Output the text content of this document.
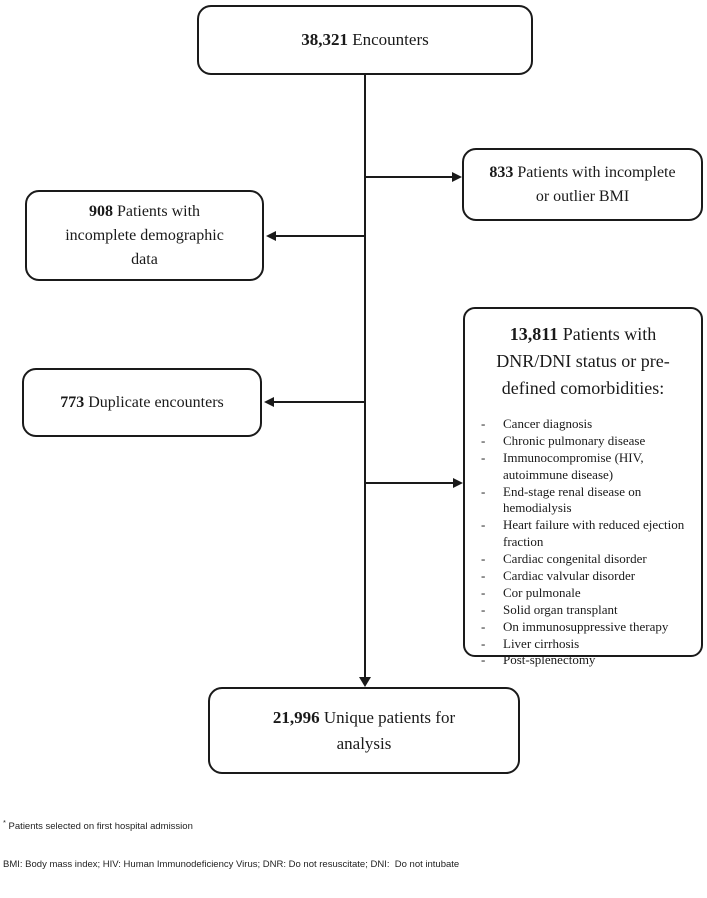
38,321 Encounters

833 Patients with incomplete or outlier BMI

908 Patients with incomplete demographic data

773 Duplicate encounters

13,811 Patients with DNR/DNI status or pre-defined comorbidities:

-	Cancer diagnosis
-	Chronic pulmonary disease
-	Immunocompromise (HIV, autoimmune disease)
-	End-stage renal disease on hemodialysis
-	Heart failure with reduced ejection fraction
-	Cardiac congenital disorder
-	Cardiac valvular disorder
-	Cor pulmonale
-	Solid organ transplant
-	On immunosuppressive therapy
-	Liver cirrhosis
-	Post-splenectomy

21,996 Unique patients for analysis

* Patients selected on first hospital admission

BMI: Body mass index; HIV: Human Immunodeficiency Virus; DNR: Do not resuscitate; DNI:  Do not intubate
